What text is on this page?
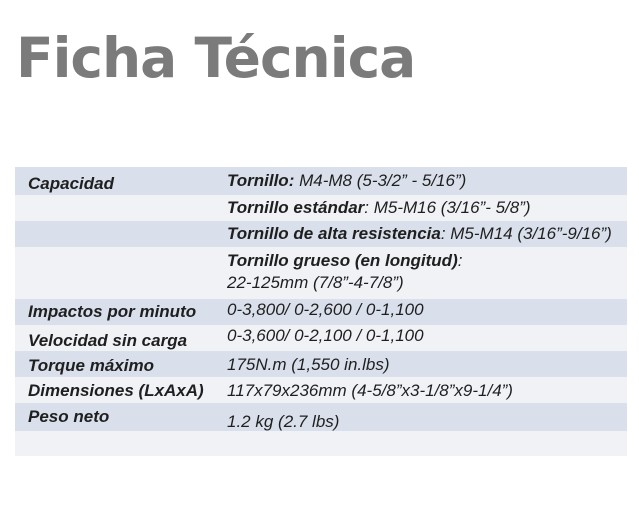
Ficha Técnica
Capacidad	Tornillo: M4-M8 (5-3/2” - 5/16”)
Tornillo estándar: M5-M16 (3/16”- 5/8”)
Tornillo de alta resistencia: M5-M14 (3/16”-9/16”)
Tornillo grueso (en longitud):
22-125mm (7/8”-4-7/8”)
Impactos por minuto 0-3,800/ 0-2,600 / 0-1,100
Velocidad sin carga 0-3,600/ 0-2,100 / 0-1,100
Torque máximo	175N.m (1,550 in.lbs)
Dimensiones (LxAxA) 117x79x236mm (4-5/8”x3-1/8”x9-1/4”)
Peso neto	1.2 kg (2.7 lbs)
